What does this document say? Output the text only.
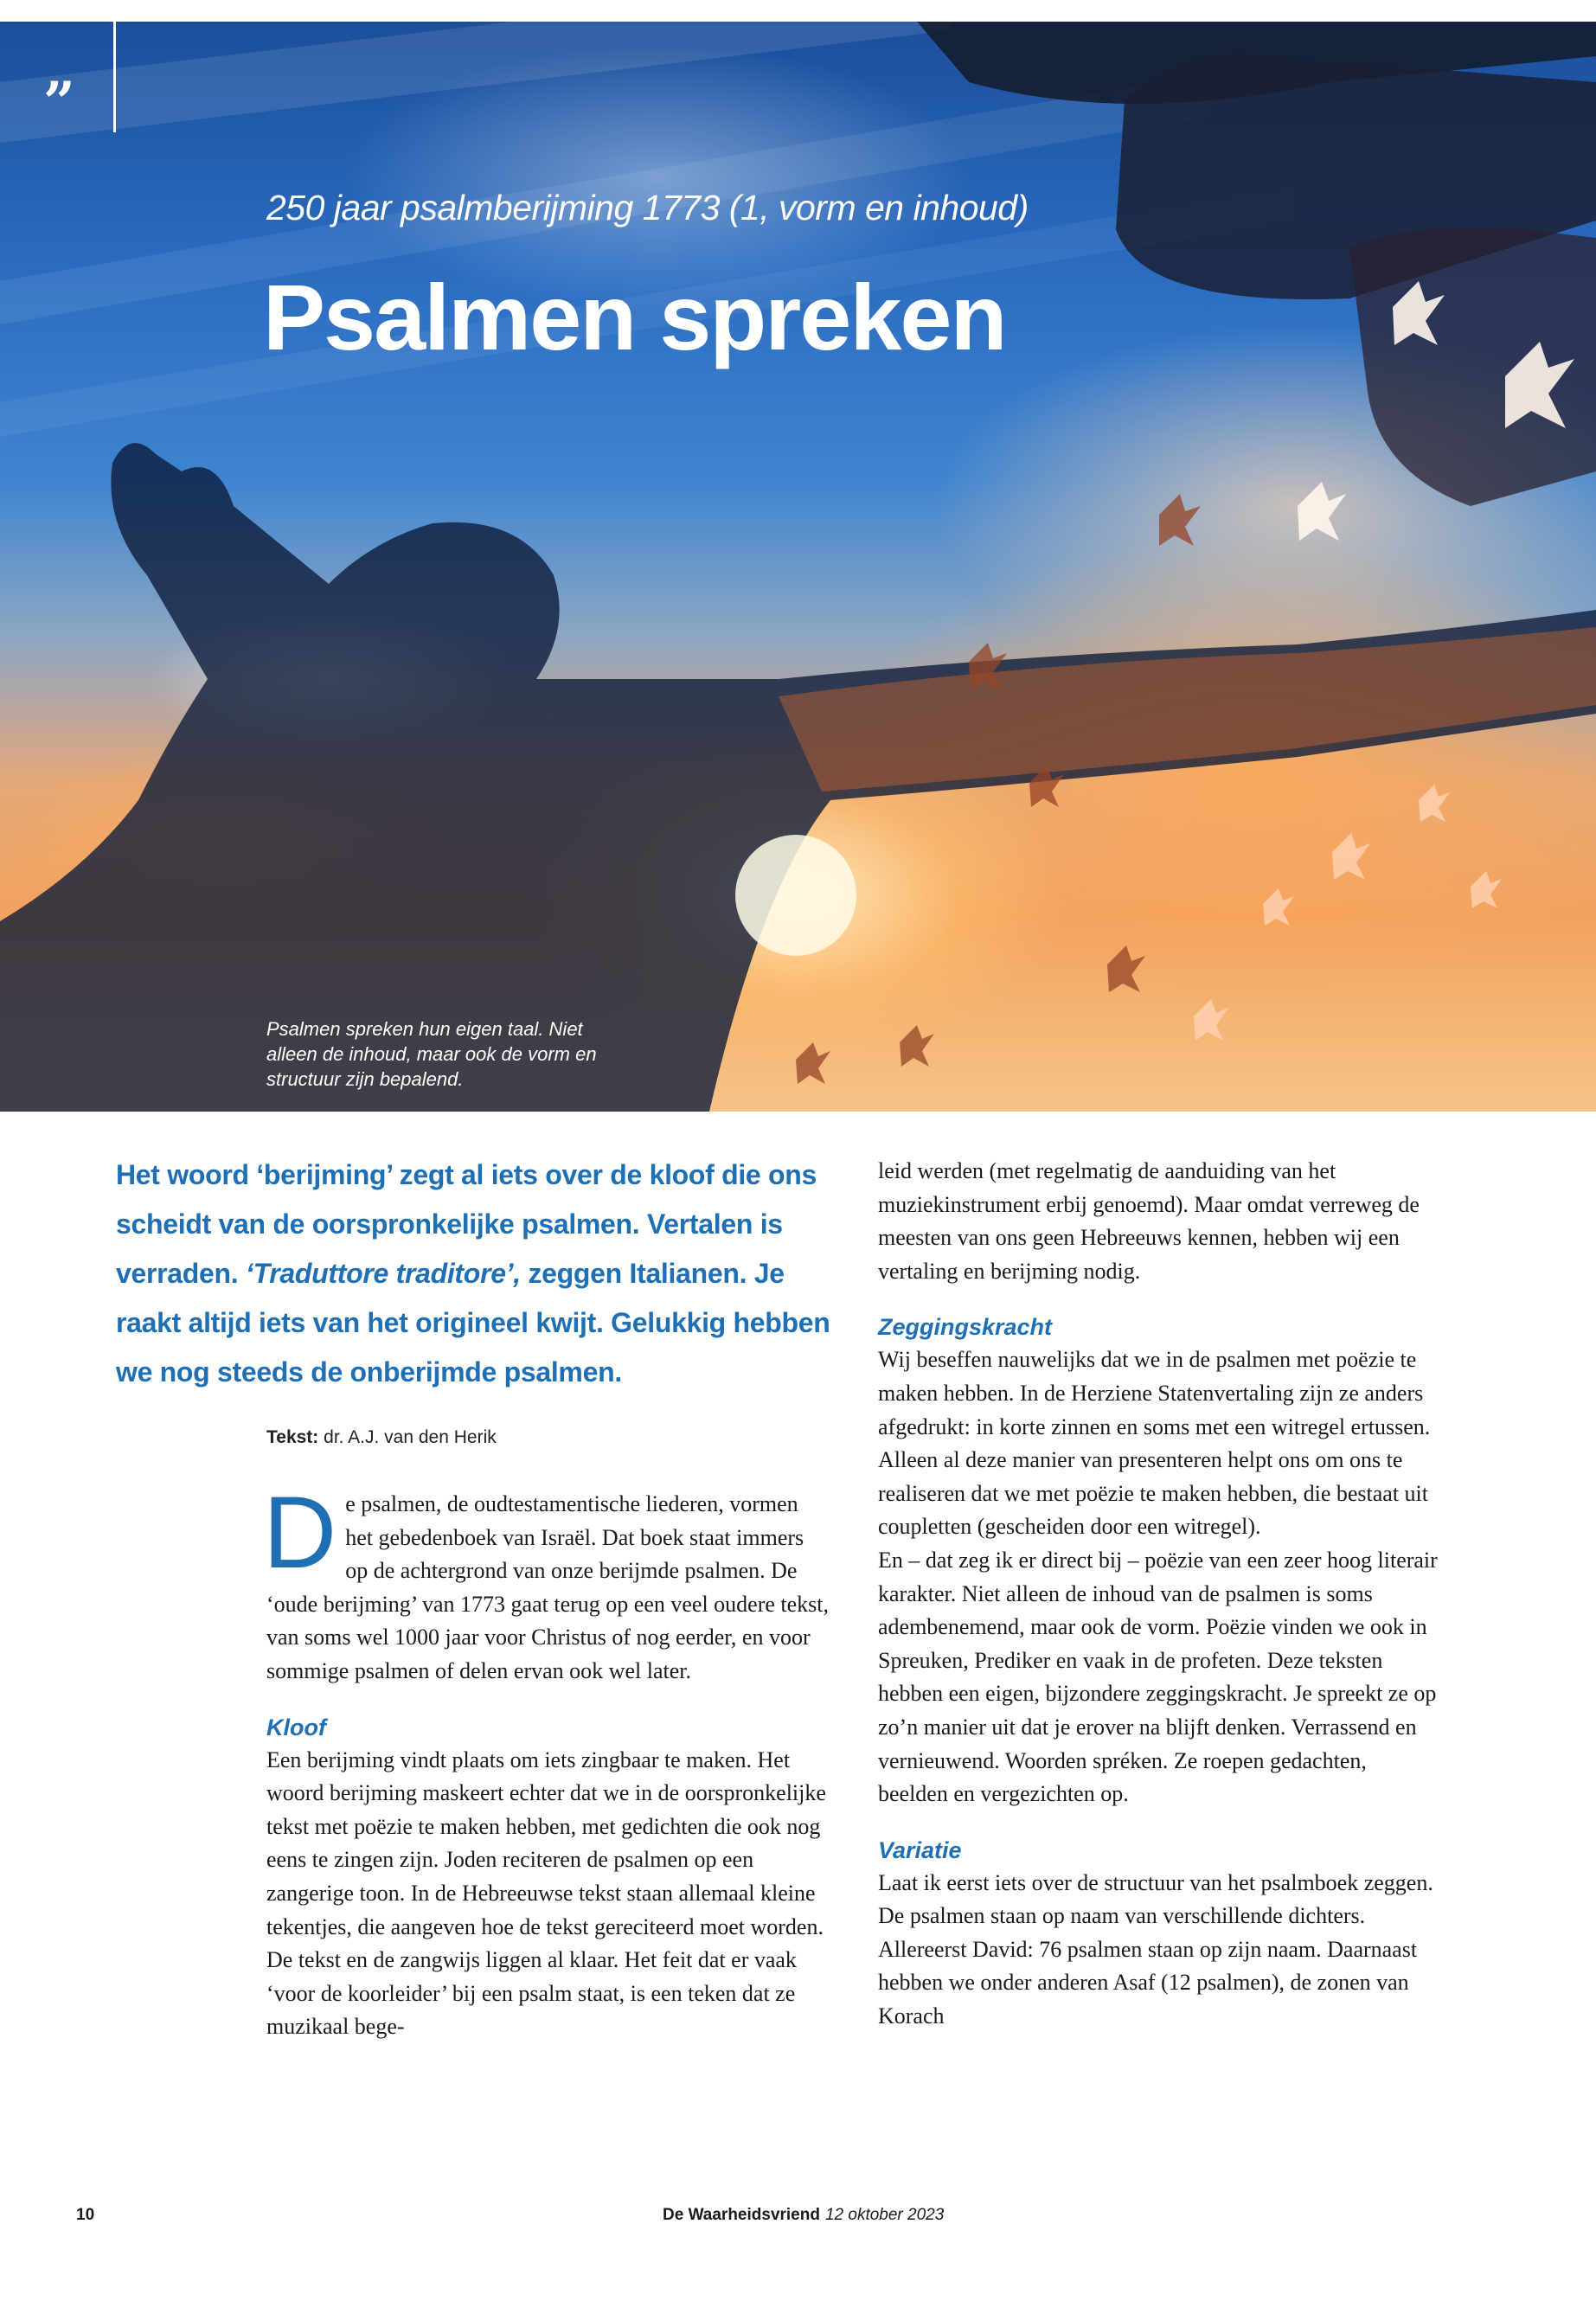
”
250 jaar psalmberijming 1773 (1, vorm en inhoud)
Psalmen spreken
Psalmen spreken hun eigen taal. Niet alleen de inhoud, maar ook de vorm en structuur zijn bepalend.
Het woord ‘berijming’ zegt al iets over de kloof die ons scheidt van de oorspronkelijke psalmen. Vertalen is verraden. ‘Traduttore traditore’, zeggen Italianen. Je raakt altijd iets van het origineel kwijt. Gelukkig hebben we nog steeds de onberijmde psalmen.
Tekst: dr. A.J. van den Herik

De psalmen, de oudtestamentische liederen, vormen het gebedenboek van Israël. Dat boek staat immers op de achtergrond van onze berijmde psalmen. De ‘oude berijming’ van 1773 gaat terug op een veel oudere tekst, van soms wel 1000 jaar voor Christus of nog eerder, en voor sommige psalmen of delen ervan ook wel later.

Kloof

Een berijming vindt plaats om iets zingbaar te maken. Het woord berijming maskeert echter dat we in de oorspronkelijke tekst met poëzie te maken hebben, met gedichten die ook nog eens te zingen zijn. Joden reciteren de psalmen op een zangerige toon. In de Hebreeuwse tekst staan allemaal kleine tekentjes, die aangeven hoe de tekst gereciteerd moet worden. De tekst en de zangwijs liggen al klaar. Het feit dat er vaak ‘voor de koorleider’ bij een psalm staat, is een teken dat ze muzikaal bege-

leid werden (met regelmatig de aanduiding van het muziekinstrument erbij genoemd). Maar omdat verreweg de meesten van ons geen Hebreeuws kennen, hebben wij een vertaling en berijming nodig.

Zeggingskracht

Wij beseffen nauwelijks dat we in de psalmen met poëzie te maken hebben. In de Herziene Statenvertaling zijn ze anders afgedrukt: in korte zinnen en soms met een witregel ertussen. Alleen al deze manier van presenteren helpt ons om ons te realiseren dat we met poëzie te maken hebben, die bestaat uit coupletten (gescheiden door een witregel).

En – dat zeg ik er direct bij – poëzie van een zeer hoog literair karakter. Niet alleen de inhoud van de psalmen is soms adembenemend, maar ook de vorm. Poëzie vinden we ook in Spreuken, Prediker en vaak in de profeten. Deze teksten hebben een eigen, bijzondere zeggingskracht. Je spreekt ze op zo’n manier uit dat je erover na blijft denken. Verrassend en vernieuwend. Woorden spréken. Ze roepen gedachten, beelden en vergezichten op.

Variatie

Laat ik eerst iets over de structuur van het psalmboek zeggen. De psalmen staan op naam van verschillende dichters. Allereerst David: 76 psalmen staan op zijn naam. Daarnaast hebben we onder anderen Asaf (12 psalmen), de zonen van Korach

10	De Waarheidsvriend 12 oktober 2023
